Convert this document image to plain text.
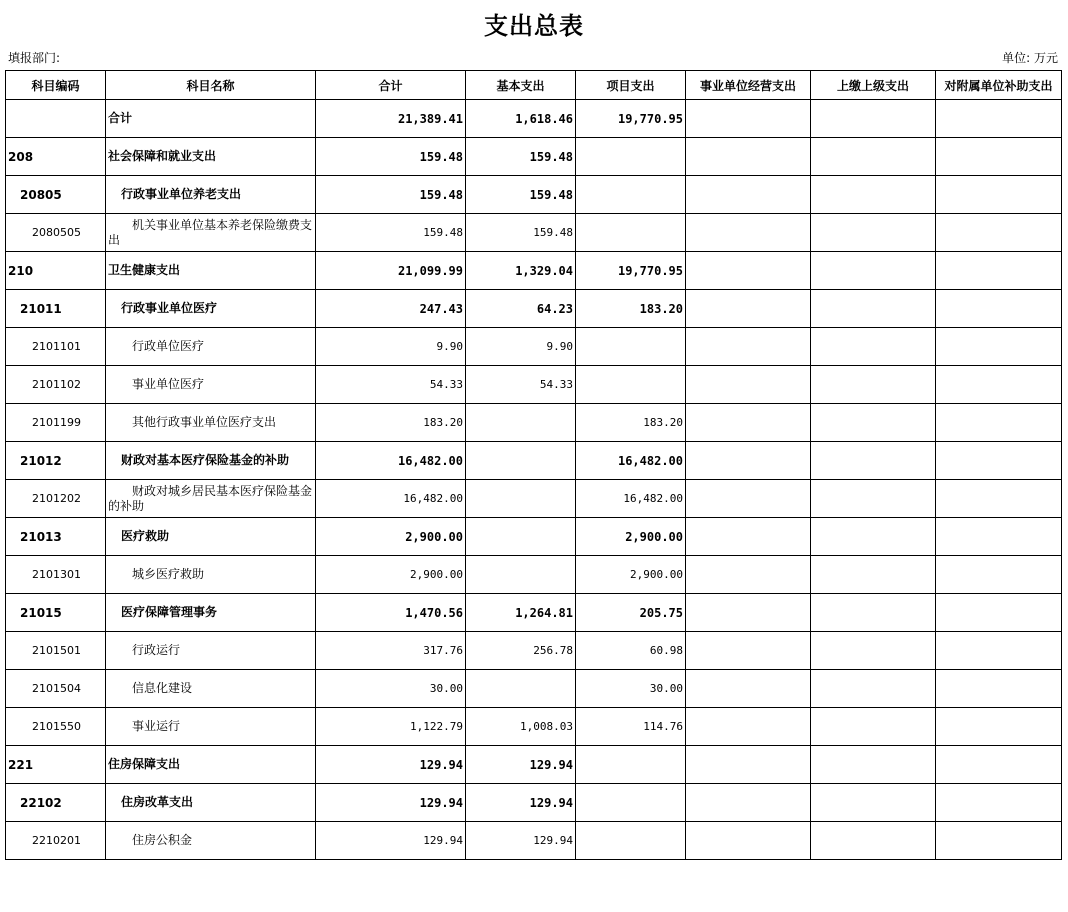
支出总表
填报部门:	单位: 万元
科目编码	科目名称	合计	基本支出	项目支出	事业单位经营支出	上缴上级支出	对附属单位补助支出
	合计	21,389.41	1,618.46	19,770.95			
208	社会保障和就业支出	159.48	159.48				
20805	行政事业单位养老支出	159.48	159.48				
2080505	机关事业单位基本养老保险缴费支出	159.48	159.48				
210	卫生健康支出	21,099.99	1,329.04	19,770.95			
21011	行政事业单位医疗	247.43	64.23	183.20			
2101101	行政单位医疗	9.90	9.90				
2101102	事业单位医疗	54.33	54.33				
2101199	其他行政事业单位医疗支出	183.20		183.20			
21012	财政对基本医疗保险基金的补助	16,482.00		16,482.00			
2101202	财政对城乡居民基本医疗保险基金的补助	16,482.00		16,482.00			
21013	医疗救助	2,900.00		2,900.00			
2101301	城乡医疗救助	2,900.00		2,900.00			
21015	医疗保障管理事务	1,470.56	1,264.81	205.75			
2101501	行政运行	317.76	256.78	60.98			
2101504	信息化建设	30.00		30.00			
2101550	事业运行	1,122.79	1,008.03	114.76			
221	住房保障支出	129.94	129.94				
22102	住房改革支出	129.94	129.94				
2210201	住房公积金	129.94	129.94				
